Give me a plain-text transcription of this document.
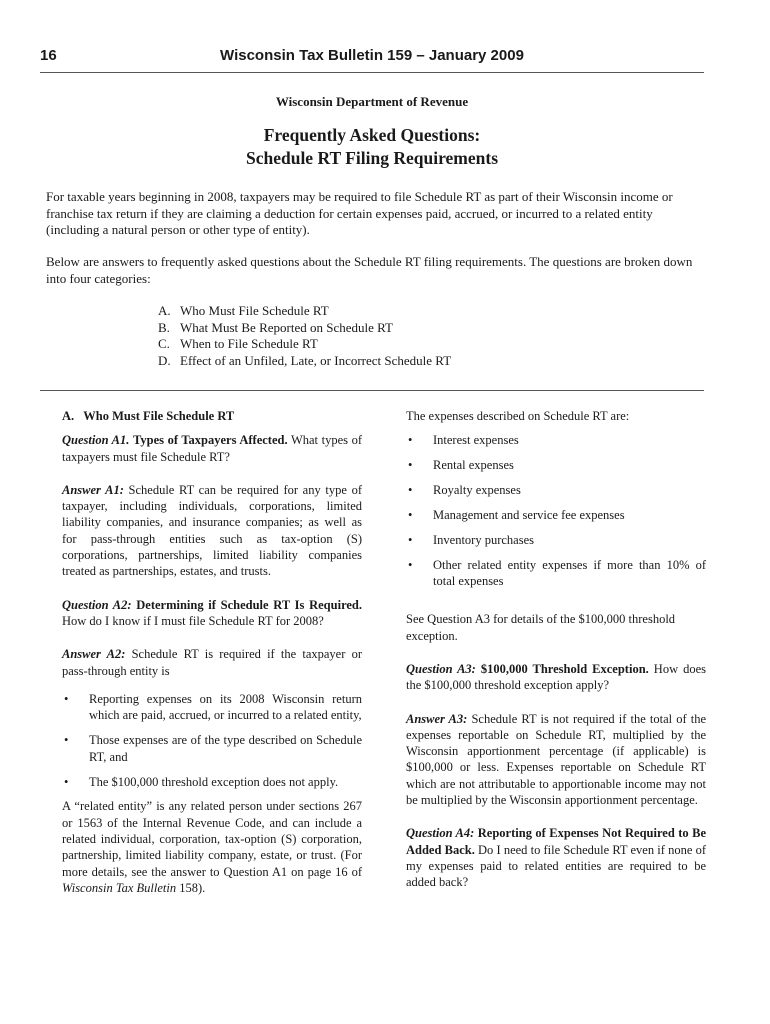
16	Wisconsin Tax Bulletin 159 – January 2009
Wisconsin Department of Revenue
Frequently Asked Questions:
Schedule RT Filing Requirements

For taxable years beginning in 2008, taxpayers may be required to file Schedule RT as part of their Wisconsin income or franchise tax return if they are claiming a deduction for certain expenses paid, accrued, or incurred to a related entity (including a natural person or other type of entity).

Below are answers to frequently asked questions about the Schedule RT filing requirements. The questions are broken down into four categories:

A. Who Must File Schedule RT
B. What Must Be Reported on Schedule RT
C. When to File Schedule RT
D. Effect of an Unfiled, Late, or Incorrect Schedule RT

A.   Who Must File Schedule RT

Question A1. Types of Taxpayers Affected. What types of taxpayers must file Schedule RT?

Answer A1: Schedule RT can be required for any type of taxpayer, including individuals, corporations, limited liability companies, and insurance companies; as well as for pass-through entities such as tax-option (S) corporations, partnerships, limited liability companies treated as partnerships, estates, and trusts.

Question A2: Determining if Schedule RT Is Required. How do I know if I must file Schedule RT for 2008?

Answer A2: Schedule RT is required if the taxpayer or pass-through entity is

• Reporting expenses on its 2008 Wisconsin return which are paid, accrued, or incurred to a related entity,
• Those expenses are of the type described on Schedule RT, and
• The $100,000 threshold exception does not apply.

A “related entity” is any related person under sections 267 or 1563 of the Internal Revenue Code, and can include a related individual, corporation, tax-option (S) corporation, partnership, limited liability company, estate, or trust. (For more details, see the answer to Question A1 on page 16 of Wisconsin Tax Bulletin 158).

The expenses described on Schedule RT are:

• Interest expenses
• Rental expenses
• Royalty expenses
• Management and service fee expenses
• Inventory purchases
• Other related entity expenses if more than 10% of total expenses

See Question A3 for details of the $100,000 threshold exception.

Question A3: $100,000 Threshold Exception. How does the $100,000 threshold exception apply?

Answer A3: Schedule RT is not required if the total of the expenses reportable on Schedule RT, multiplied by the Wisconsin apportionment percentage (if applicable) is $100,000 or less. Expenses reportable on Schedule RT which are not attributable to apportionable income may not be multiplied by the Wisconsin apportionment percentage.

Question A4: Reporting of Expenses Not Required to Be Added Back. Do I need to file Schedule RT even if none of my expenses paid to related entities are required to be added back?
